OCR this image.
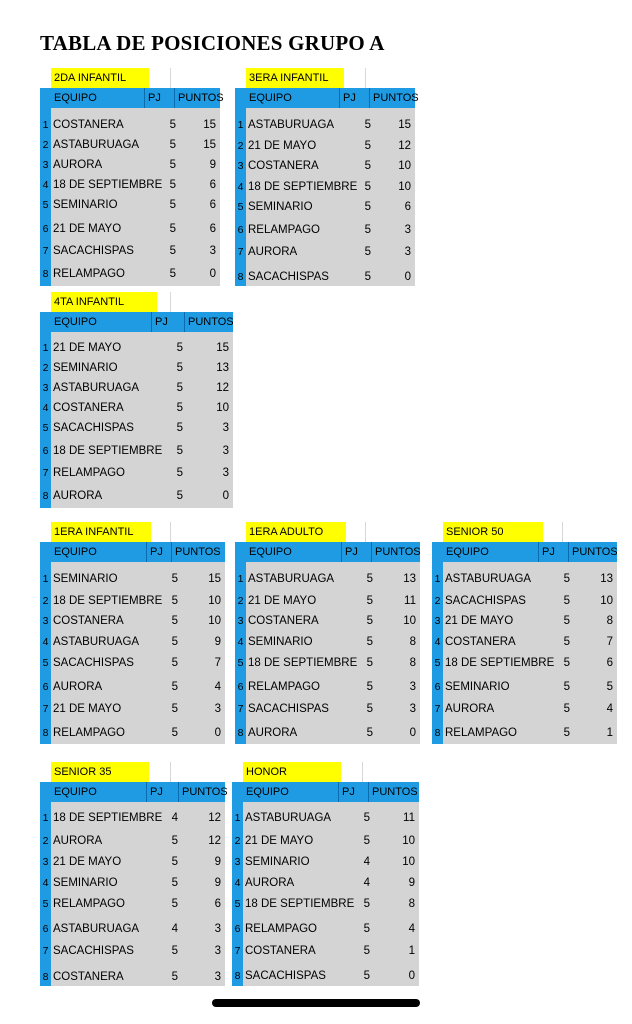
TABLA DE POSICIONES GRUPO A
2DA INFANTIL
EQUIPO	PJ	PUNTOS
1 COSTANERA	5	15
2 ASTABURUAGA	5	15
3 AURORA	5	9
4 18 DE SEPTIEMBRE 5	6
5 SEMINARIO	5	6
6 21 DE MAYO	5	6
7 SACACHISPAS	5	3
8 RELAMPAGO	5	0
3ERA INFANTIL
EQUIPO	PJ	PUNTOS
1 ASTABURUAGA	5	15
2 21 DE MAYO	5	12
3 COSTANERA	5	10
4 18 DE SEPTIEMBRE 5	10
5 SEMINARIO	5	6
6 RELAMPAGO	5	3
7 AURORA	5	3
8 SACACHISPAS	5	0
4TA INFANTIL
EQUIPO	PJ	PUNTOS
1 21 DE MAYO	5	15
2 SEMINARIO	5	13
3 ASTABURUAGA	5	12
4 COSTANERA	5	10
5 SACACHISPAS	5	3
6 18 DE SEPTIEMBRE	5	3
7 RELAMPAGO	5	3
8 AURORA	5	0
1ERA INFANTIL
EQUIPO	PJ	PUNTOS
1 SEMINARIO	5	15
2 18 DE SEPTIEMBRE 5	10
3 COSTANERA	5	10
4 ASTABURUAGA	5	9
5 SACACHISPAS	5	7
6 AURORA	5	4
7 21 DE MAYO	5	3
8 RELAMPAGO	5	0
1ERA ADULTO
EQUIPO	PJ	PUNTOS
1 ASTABURUAGA	5	13
2 21 DE MAYO	5	11
3 COSTANERA	5	10
4 SEMINARIO	5	8
5 18 DE SEPTIEMBRE 5	8
6 RELAMPAGO	5	3
7 SACACHISPAS	5	3
8 AURORA	5	0
SENIOR 50
EQUIPO	PJ	PUNTOS
1 ASTABURUAGA	5	13
2 SACACHISPAS	5	10
3 21 DE MAYO	5	8
4 COSTANERA	5	7
5 18 DE SEPTIEMBRE 5	6
6 SEMINARIO	5	5
7 AURORA	5	4
8 RELAMPAGO	5	1
SENIOR 35
EQUIPO	PJ	PUNTOS
1 18 DE SEPTIEMBRE 4	12
2 AURORA	5	12
3 21 DE MAYO	5	9
4 SEMINARIO	5	9
5 RELAMPAGO	5	6
6 ASTABURUAGA	4	3
7 SACACHISPAS	5	3
8 COSTANERA	5	3
HONOR
EQUIPO	PJ	PUNTOS
1 ASTABURUAGA	5	11
2 21 DE MAYO	5	10
3 SEMINARIO	4	10
4 AURORA	4	9
5 18 DE SEPTIEMBRE 5	8
6 RELAMPAGO	5	4
7 COSTANERA	5	1
8 SACACHISPAS	5	0
